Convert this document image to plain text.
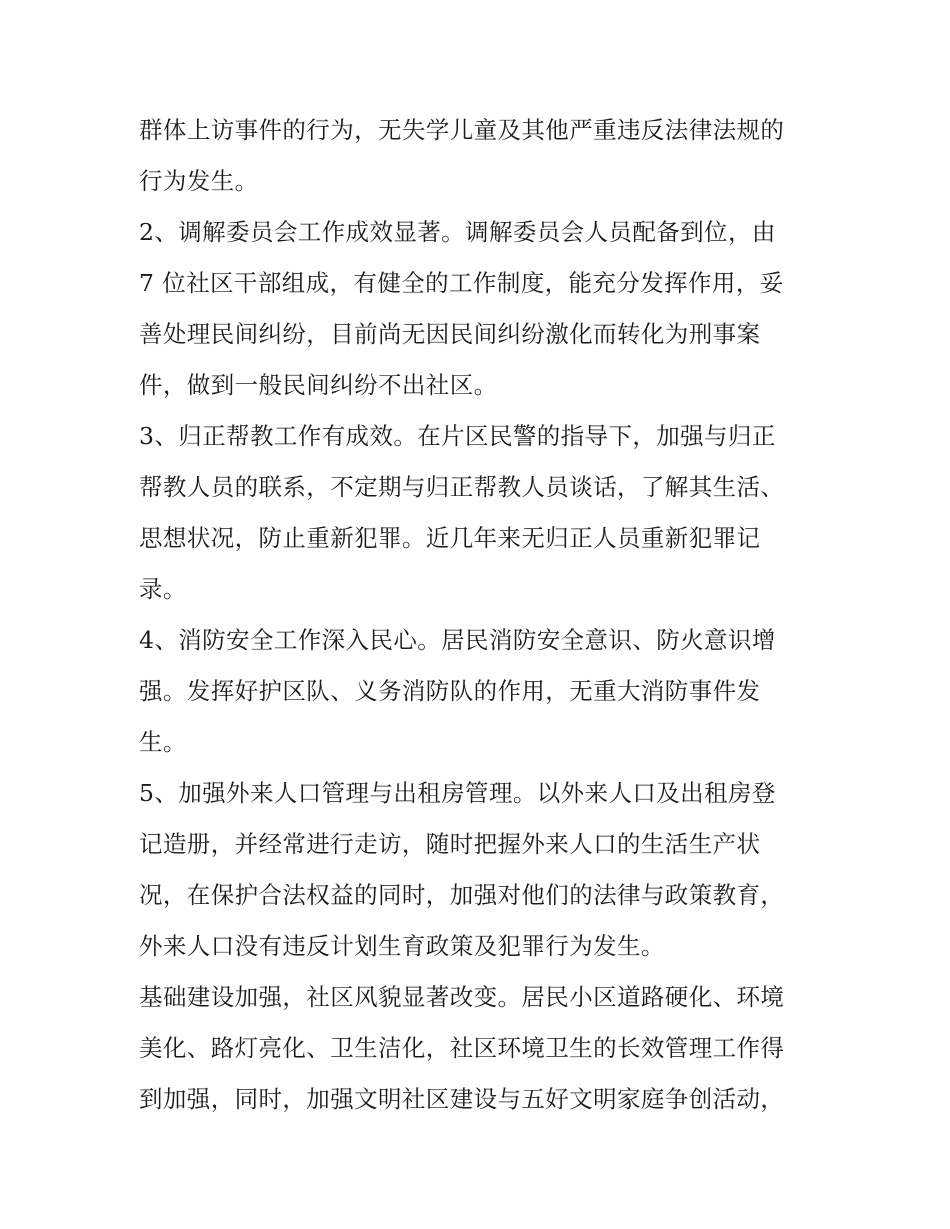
群体上访事件的行为，无失学儿童及其他严重违反法律法规的
行为发生。
2、调解委员会工作成效显著。调解委员会人员配备到位，由
7 位社区干部组成，有健全的工作制度，能充分发挥作用，妥
善处理民间纠纷，目前尚无因民间纠纷激化而转化为刑事案
件，做到一般民间纠纷不出社区。
3、归正帮教工作有成效。在片区民警的指导下，加强与归正
帮教人员的联系，不定期与归正帮教人员谈话，了解其生活、
思想状况，防止重新犯罪。近几年来无归正人员重新犯罪记
录。
4、消防安全工作深入民心。居民消防安全意识、防火意识增
强。发挥好护区队、义务消防队的作用，无重大消防事件发
生。
5、加强外来人口管理与出租房管理。以外来人口及出租房登
记造册，并经常进行走访，随时把握外来人口的生活生产状
况，在保护合法权益的同时，加强对他们的法律与政策教育，
外来人口没有违反计划生育政策及犯罪行为发生。
基础建设加强，社区风貌显著改变。居民小区道路硬化、环境
美化、路灯亮化、卫生洁化，社区环境卫生的长效管理工作得
到加强，同时，加强文明社区建设与五好文明家庭争创活动，
